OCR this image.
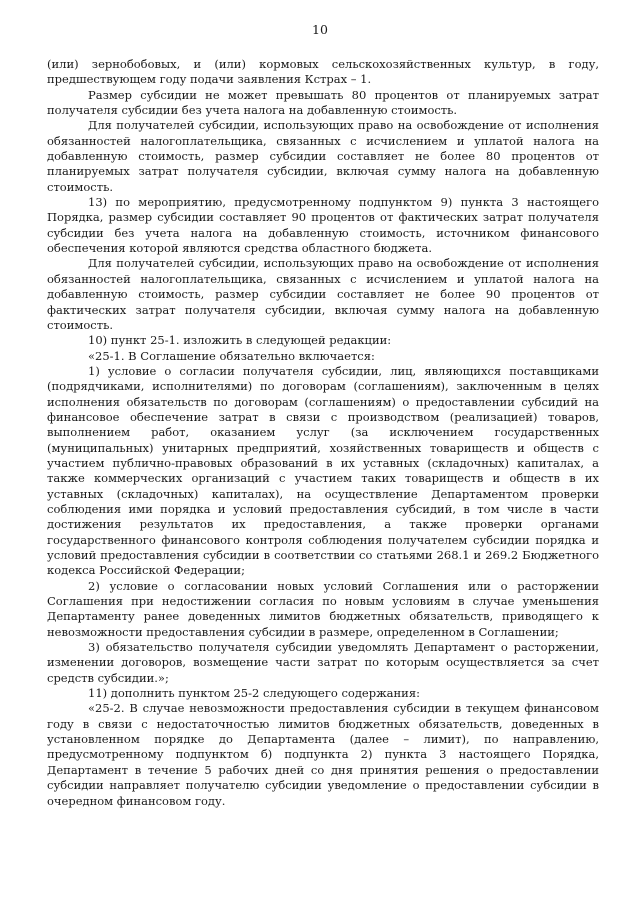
10

(или) зернобобовых, и (или) кормовых сельскохозяйственных культур, в году, предшествующем году подачи заявления Кстрах – 1.

Размер субсидии не может превышать 80 процентов от планируемых затрат получателя субсидии без учета налога на добавленную стоимость.

Для получателей субсидии, использующих право на освобождение от исполнения обязанностей налогоплательщика, связанных с исчислением и уплатой налога на добавленную стоимость, размер субсидии составляет не более 80 процентов от планируемых затрат получателя субсидии, включая сумму налога на добавленную стоимость.

13) по мероприятию, предусмотренному подпунктом 9) пункта 3 настоящего Порядка, размер субсидии составляет 90 процентов от фактических затрат получателя субсидии без учета налога на добавленную стоимость, источником финансового обеспечения которой являются средства областного бюджета.

Для получателей субсидии, использующих право на освобождение от исполнения обязанностей налогоплательщика, связанных с исчислением и уплатой налога на добавленную стоимость, размер субсидии составляет не более 90 процентов от фактических затрат получателя субсидии, включая сумму налога на добавленную стоимость.

10) пункт 25-1. изложить в следующей редакции:

«25-1. В Соглашение обязательно включается:

1) условие о согласии получателя субсидии, лиц, являющихся поставщиками (подрядчиками, исполнителями) по договорам (соглашениям), заключенным в целях исполнения обязательств по договорам (соглашениям) о предоставлении субсидий на финансовое обеспечение затрат в связи с производством (реализацией) товаров, выполнением работ, оказанием услуг (за исключением государственных (муниципальных) унитарных предприятий, хозяйственных товариществ и обществ с участием публично-правовых образований в их уставных (складочных) капиталах, а также коммерческих организаций с участием таких товариществ и обществ в их уставных (складочных) капиталах), на осуществление Департаментом проверки соблюдения ими порядка и условий предоставления субсидий, в том числе в части достижения результатов их предоставления, а также проверки органами государственного финансового контроля соблюдения получателем субсидии порядка и условий предоставления субсидии в соответствии со статьями 268.1 и 269.2 Бюджетного кодекса Российской Федерации;

2) условие о согласовании новых условий Соглашения или о расторжении Соглашения при недостижении согласия по новым условиям в случае уменьшения Департаменту ранее доведенных лимитов бюджетных обязательств, приводящего к невозможности предоставления субсидии в размере, определенном в Соглашении;

3) обязательство получателя субсидии уведомлять Департамент о расторжении, изменении договоров, возмещение части затрат по которым осуществляется за счет средств субсидии.»;

11) дополнить пунктом 25-2 следующего содержания:

«25-2. В случае невозможности предоставления субсидии в текущем финансовом году в связи с недостаточностью лимитов бюджетных обязательств, доведенных в установленном порядке до Департамента (далее – лимит), по направлению, предусмотренному подпунктом б) подпункта 2) пункта 3 настоящего Порядка, Департамент в течение 5 рабочих дней со дня принятия решения о предоставлении субсидии направляет получателю субсидии уведомление о предоставлении субсидии в очередном финансовом году.
